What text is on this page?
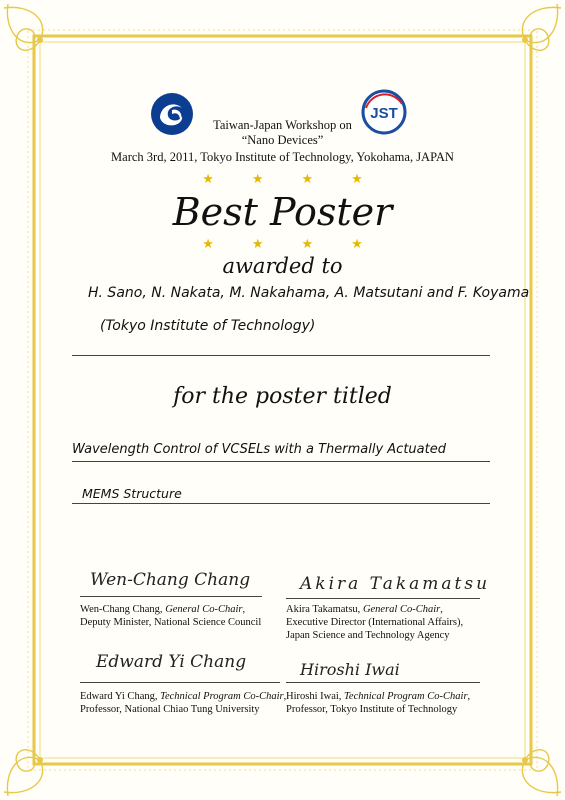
JST
Taiwan-Japan Workshop on
“Nano Devices”
March 3rd, 2011, Tokyo Institute of Technology, Yokohama, JAPAN
★★★★
Best Poster
★★★★
awarded to
H. Sano, N. Nakata, M. Nakahama, A. Matsutani and F. Koyama
(Tokyo Institute of Technology)
for the poster titled
Wavelength Control of VCSELs with a Thermally Actuated
MEMS Structure
Wen-Chang Chang
Wen-Chang Chang, General Co-Chair,
Deputy Minister, National Science Council
Akira Takamatsu
Akira Takamatsu, General Co-Chair,
Executive Director (International Affairs),
Japan Science and Technology Agency
Edward Yi Chang
Edward Yi Chang, Technical Program Co-Chair,
Professor, National Chiao Tung University
Hiroshi Iwai
Hiroshi Iwai, Technical Program Co-Chair,
Professor, Tokyo Institute of Technology
